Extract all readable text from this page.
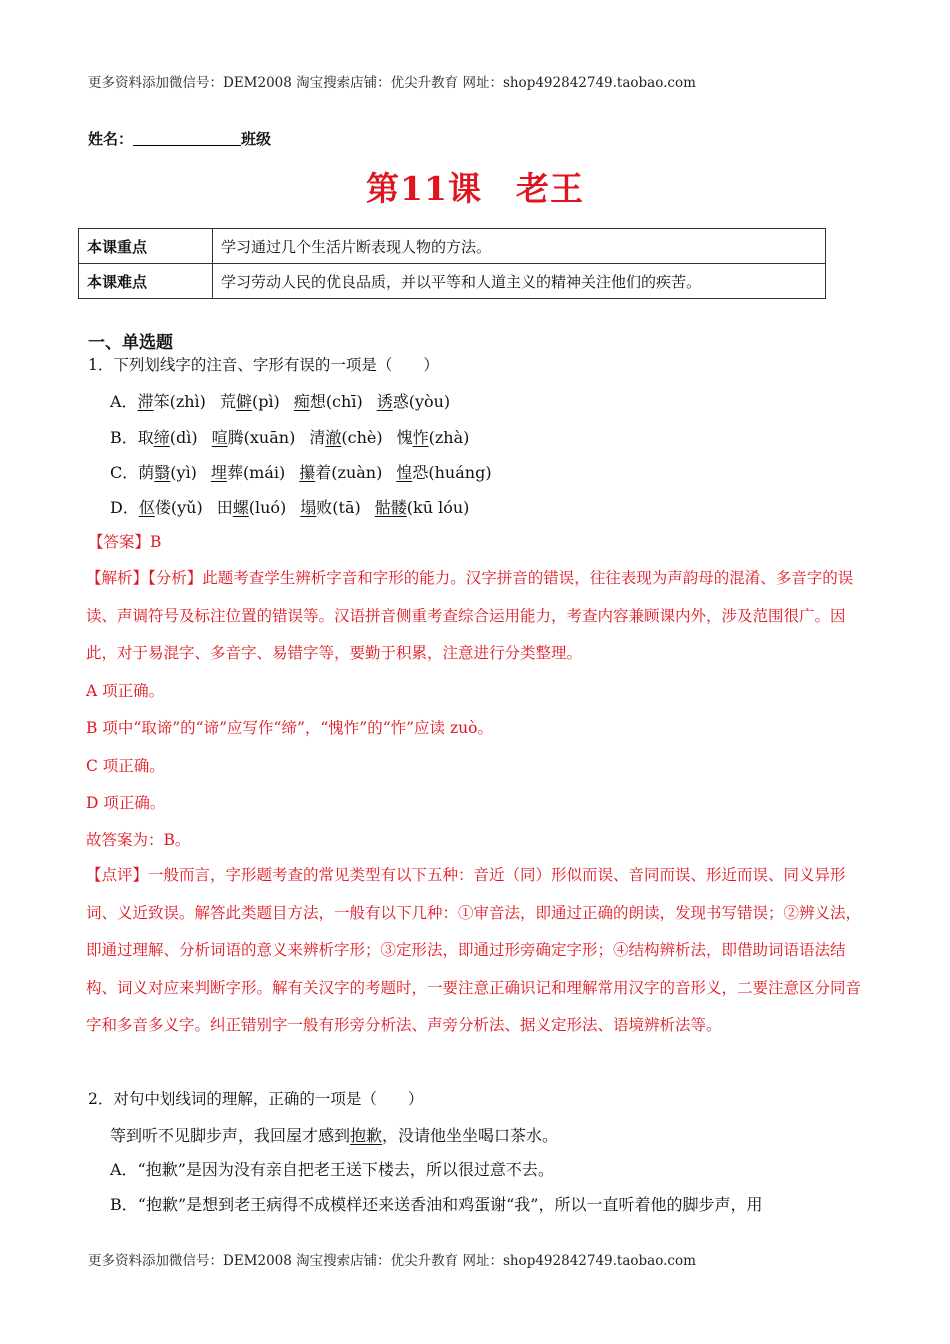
更多资料添加微信号：DEM2008 淘宝搜索店铺：优尖升教育 网址：shop492842749.taobao.com
姓名：	班级
第11课　老王
本课重点	学习通过几个生活片断表现人物的方法。
本课难点	学习劳动人民的优良品质，并以平等和人道主义的精神关注他们的疾苦。
一、单选题
1．下列划线字的注音、字形有误的一项是（　　）
A．滞笨(zhì) 荒僻(pì) 痴想(chī) 诱惑(yòu)
B．取缔(dì) 喧腾(xuān) 清澈(chè) 愧怍(zhà)
C．荫翳(yì) 埋葬(mái) 攥着(zuàn) 惶恐(huáng)
D．伛偻(yǔ) 田螺(luó) 塌败(tā) 骷髅(kū lóu)
【答案】B
【解析】【分析】此题考查学生辨析字音和字形的能力。汉字拼音的错误，往往表现为声韵母的混淆、多音字的误读、声调符号及标注位置的错误等。汉语拼音侧重考查综合运用能力，考查内容兼顾课内外，涉及范围很广。因此，对于易混字、多音字、易错字等，要勤于积累，注意进行分类整理。
A 项正确。
B 项中“取谛”的“谛”应写作“缔”，“愧怍”的“怍”应读 zuò。
C 项正确。
D 项正确。
故答案为：B。
【点评】一般而言，字形题考查的常见类型有以下五种：音近（同）形似而误、音同而误、形近而误、同义异形词、义近致误。解答此类题目方法，一般有以下几种：①审音法，即通过正确的朗读，发现书写错误；②辨义法，即通过理解、分析词语的意义来辨析字形；③定形法，即通过形旁确定字形；④结构辨析法，即借助词语语法结构、词义对应来判断字形。解有关汉字的考题时，一要注意正确识记和理解常用汉字的音形义，二要注意区分同音字和多音多义字。纠正错别字一般有形旁分析法、声旁分析法、据义定形法、语境辨析法等。
2．对句中划线词的理解，正确的一项是（　　）
等到听不见脚步声，我回屋才感到抱歉，没请他坐坐喝口茶水。
A．“抱歉”是因为没有亲自把老王送下楼去，所以很过意不去。
B．“抱歉”是想到老王病得不成模样还来送香油和鸡蛋谢“我”，所以一直听着他的脚步声，用
更多资料添加微信号：DEM2008 淘宝搜索店铺：优尖升教育 网址：shop492842749.taobao.com
